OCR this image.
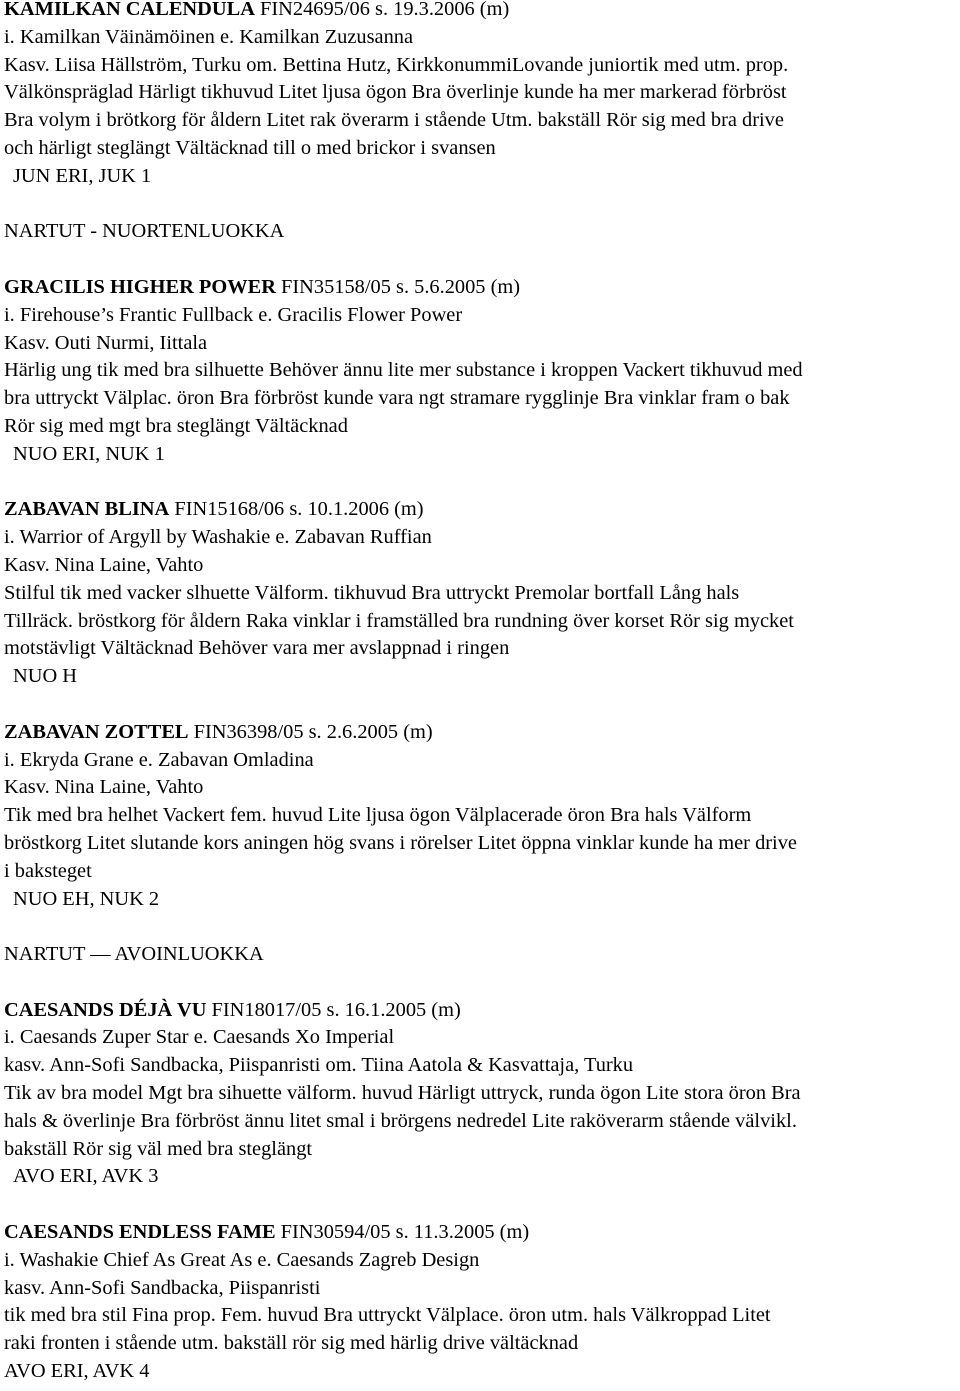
KAMILKAN CALENDULA FIN24695/06 s. 19.3.2006 (m)
i. Kamilkan Väinämöinen e. Kamilkan Zuzusanna
Kasv. Liisa Hällström, Turku om. Bettina Hutz, KirkkonummiLovande juniortik med utm. prop.
Välkönspräglad Härligt tikhuvud Litet ljusa ögon Bra överlinje kunde ha mer markerad förbröst
Bra volym i brötkorg för åldern Litet rak överarm i stående Utm. bakställ Rör sig med bra drive
och härligt steglängt Vältäcknad till o med brickor i svansen
JUN ERI, JUK 1
NARTUT - NUORTENLUOKKA
GRACILIS HIGHER POWER FIN35158/05 s. 5.6.2005 (m)
i. Firehouse’s Frantic Fullback e. Gracilis Flower Power
Kasv. Outi Nurmi, Iittala
Härlig ung tik med bra silhuette Behöver ännu lite mer substance i kroppen Vackert tikhuvud med
bra uttryckt Välplac. öron Bra förbröst kunde vara ngt stramare rygglinje Bra vinklar fram o bak
Rör sig med mgt bra steglängt Vältäcknad
NUO ERI, NUK 1
ZABAVAN BLINA FIN15168/06 s. 10.1.2006 (m)
i. Warrior of Argyll by Washakie e. Zabavan Ruffian
Kasv. Nina Laine, Vahto
Stilful tik med vacker slhuette Välform. tikhuvud Bra uttryckt Premolar bortfall Lång hals
Tillräck. bröstkorg för åldern Raka vinklar i framställed bra rundning över korset Rör sig mycket
motstävligt Vältäcknad Behöver vara mer avslappnad i ringen
NUO H
ZABAVAN ZOTTEL FIN36398/05 s. 2.6.2005 (m)
i. Ekryda Grane e. Zabavan Omladina
Kasv. Nina Laine, Vahto
Tik med bra helhet Vackert fem. huvud Lite ljusa ögon Välplacerade öron Bra hals Välform
bröstkorg Litet slutande kors aningen hög svans i rörelser Litet öppna vinklar kunde ha mer drive
i baksteget
NUO EH, NUK 2
NARTUT — AVOINLUOKKA
CAESANDS DÉJÀ VU FIN18017/05 s. 16.1.2005 (m)
i. Caesands Zuper Star e. Caesands Xo Imperial
kasv. Ann-Sofi Sandbacka, Piispanristi om. Tiina Aatola & Kasvattaja, Turku
Tik av bra model Mgt bra sihuette välform. huvud Härligt uttryck, runda ögon Lite stora öron Bra
hals & överlinje Bra förbröst ännu litet smal i brörgens nedredel Lite raköverarm stående välvikl.
bakställ Rör sig väl med bra steglängt
AVO ERI, AVK 3
CAESANDS ENDLESS FAME FIN30594/05 s. 11.3.2005 (m)
i. Washakie Chief As Great As e. Caesands Zagreb Design
kasv. Ann-Sofi Sandbacka, Piispanristi
tik med bra stil Fina prop. Fem. huvud Bra uttryckt Välplace. öron utm. hals Välkroppad Litet
raki fronten i stående utm. bakställ rör sig med härlig drive vältäcknad
AVO ERI, AVK 4
